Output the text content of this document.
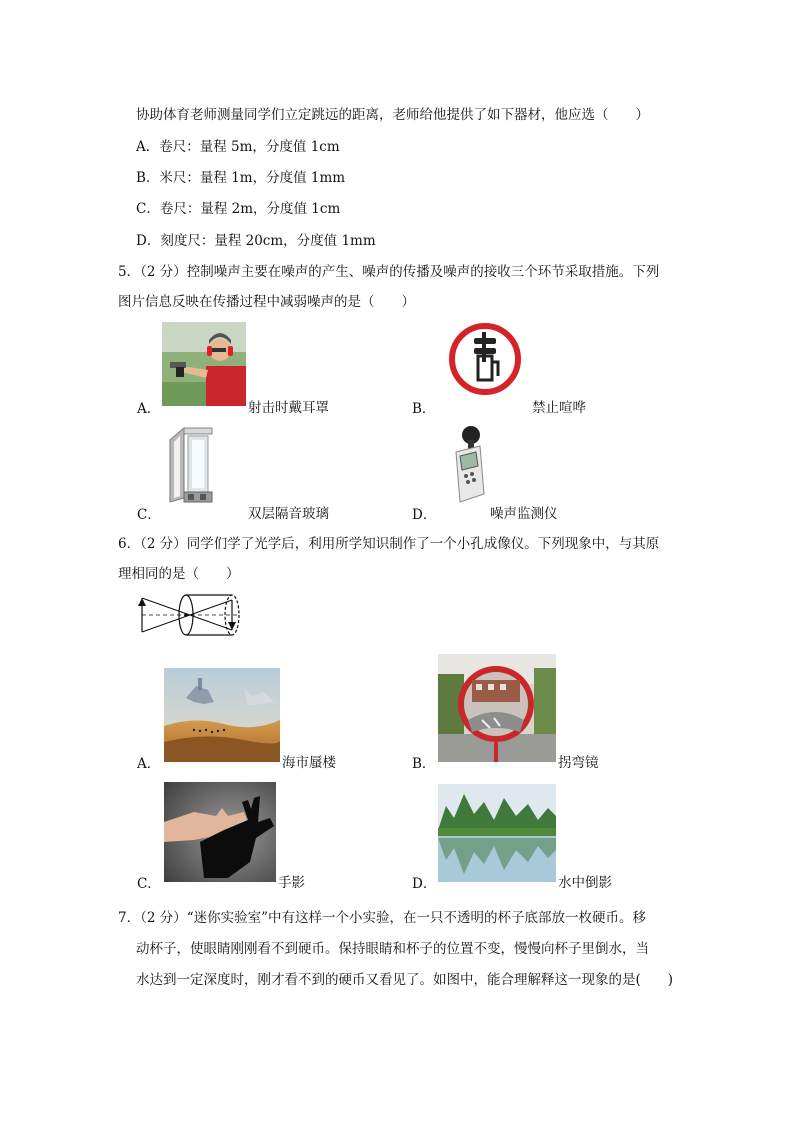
协助体育老师测量同学们立定跳远的距离，老师给他提供了如下器材，他应选（　　）
A．卷尺：量程 5m，分度值 1cm
B．米尺：量程 1m，分度值 1mm
C．卷尺：量程 2m，分度值 1cm
D．刻度尺：量程 20cm，分度值 1mm
5．（2 分）控制噪声主要在噪声的产生、噪声的传播及噪声的接收三个环节采取措施。下列
图片信息反映在传播过程中减弱噪声的是（　　）
A．	射击时戴耳罩	B．	禁止喧哗
C．	双层隔音玻璃	D．	噪声监测仪
6．（2 分）同学们学了光学后，利用所学知识制作了一个小孔成像仪。下列现象中，与其原
理相同的是（　　）
A．	海市蜃楼	B．	拐弯镜
C．	手影	D．	水中倒影
7．（2 分）“迷你实验室”中有这样一个小实验，在一只不透明的杯子底部放一枚硬币。移
动杯子，使眼睛刚刚看不到硬币。保持眼睛和杯子的位置不变，慢慢向杯子里倒水，当
水达到一定深度时，刚才看不到的硬币又看见了。如图中，能合理解释这一现象的是(　　)
